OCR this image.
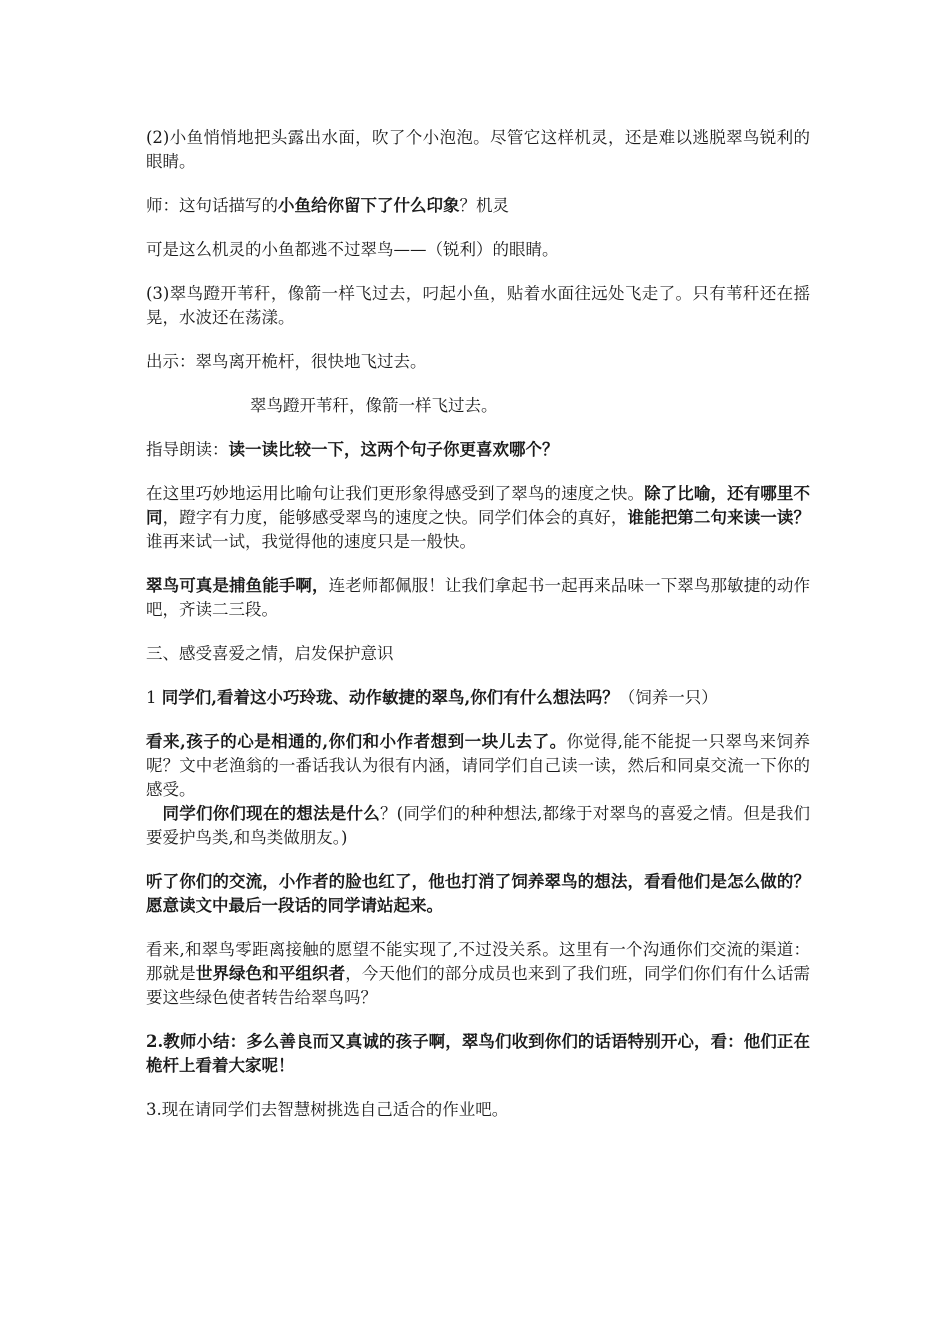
(2)小鱼悄悄地把头露出水面，吹了个小泡泡。尽管它这样机灵，还是难以逃脱翠鸟锐利的眼睛。

师：这句话描写的小鱼给你留下了什么印象？机灵

可是这么机灵的小鱼都逃不过翠鸟——（锐利）的眼睛。

(3)翠鸟蹬开苇秆，像箭一样飞过去，叼起小鱼，贴着水面往远处飞走了。只有苇秆还在摇晃，水波还在荡漾。

出示：翠鸟离开桅杆，很快地飞过去。

翠鸟蹬开苇秆，像箭一样飞过去。

指导朗读：读一读比较一下，这两个句子你更喜欢哪个？

在这里巧妙地运用比喻句让我们更形象得感受到了翠鸟的速度之快。除了比喻，还有哪里不同，蹬字有力度，能够感受翠鸟的速度之快。同学们体会的真好，谁能把第二句来读一读？谁再来试一试，我觉得他的速度只是一般快。

翠鸟可真是捕鱼能手啊，连老师都佩服！让我们拿起书一起再来品味一下翠鸟那敏捷的动作吧，齐读二三段。

三、感受喜爱之情，启发保护意识

1 同学们,看着这小巧玲珑、动作敏捷的翠鸟,你们有什么想法吗？（饲养一只）

看来,孩子的心是相通的,你们和小作者想到一块儿去了。你觉得,能不能捉一只翠鸟来饲养呢？文中老渔翁的一番话我认为很有内涵，请同学们自己读一读，然后和同桌交流一下你的感受。

同学们你们现在的想法是什么？(同学们的种种想法,都缘于对翠鸟的喜爱之情。但是我们要爱护鸟类,和鸟类做朋友。)

听了你们的交流，小作者的脸也红了，他也打消了饲养翠鸟的想法，看看他们是怎么做的？愿意读文中最后一段话的同学请站起来。

看来,和翠鸟零距离接触的愿望不能实现了,不过没关系。这里有一个沟通你们交流的渠道：那就是世界绿色和平组织者，今天他们的部分成员也来到了我们班，同学们你们有什么话需要这些绿色使者转告给翠鸟吗？

2.教师小结：多么善良而又真诚的孩子啊，翠鸟们收到你们的话语特别开心，看：他们正在桅杆上看着大家呢！

3.现在请同学们去智慧树挑选自己适合的作业吧。
